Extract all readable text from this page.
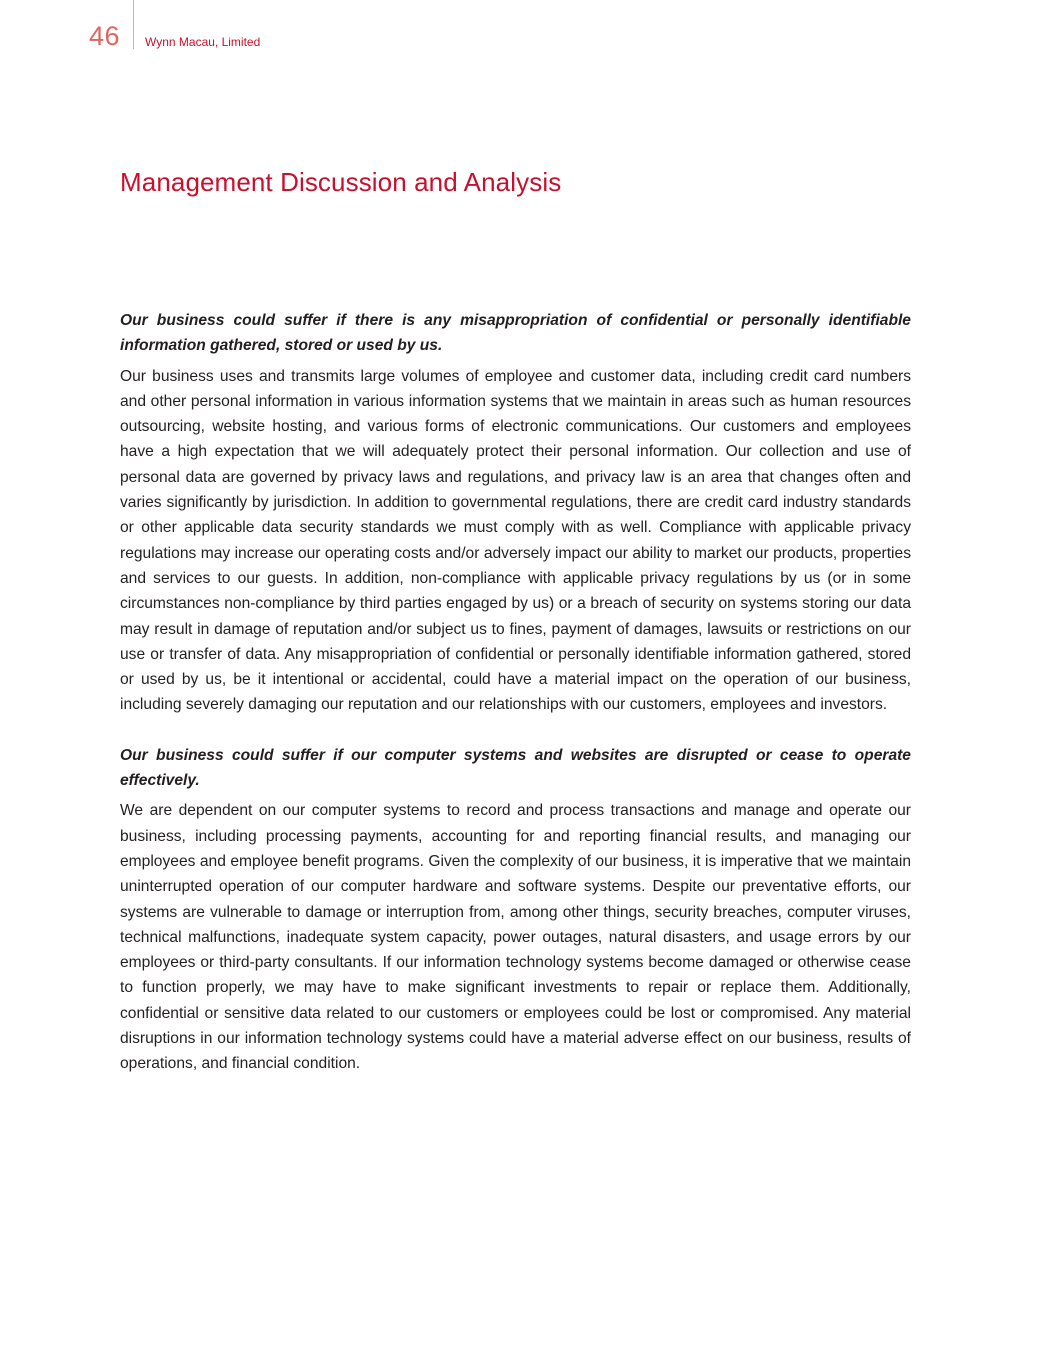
46 Wynn Macau, Limited
Management Discussion and Analysis

Our business could suffer if there is any misappropriation of confidential or personally identifiable information gathered, stored or used by us.

Our business uses and transmits large volumes of employee and customer data, including credit card numbers and other personal information in various information systems that we maintain in areas such as human resources outsourcing, website hosting, and various forms of electronic communications. Our customers and employees have a high expectation that we will adequately protect their personal information. Our collection and use of personal data are governed by privacy laws and regulations, and privacy law is an area that changes often and varies significantly by jurisdiction. In addition to governmental regulations, there are credit card industry standards or other applicable data security standards we must comply with as well. Compliance with applicable privacy regulations may increase our operating costs and/or adversely impact our ability to market our products, properties and services to our guests. In addition, non-compliance with applicable privacy regulations by us (or in some circumstances non-compliance by third parties engaged by us) or a breach of security on systems storing our data may result in damage of reputation and/or subject us to fines, payment of damages, lawsuits or restrictions on our use or transfer of data. Any misappropriation of confidential or personally identifiable information gathered, stored or used by us, be it intentional or accidental, could have a material impact on the operation of our business, including severely damaging our reputation and our relationships with our customers, employees and investors.

Our business could suffer if our computer systems and websites are disrupted or cease to operate effectively.

We are dependent on our computer systems to record and process transactions and manage and operate our business, including processing payments, accounting for and reporting financial results, and managing our employees and employee benefit programs. Given the complexity of our business, it is imperative that we maintain uninterrupted operation of our computer hardware and software systems. Despite our preventative efforts, our systems are vulnerable to damage or interruption from, among other things, security breaches, computer viruses, technical malfunctions, inadequate system capacity, power outages, natural disasters, and usage errors by our employees or third-party consultants. If our information technology systems become damaged or otherwise cease to function properly, we may have to make significant investments to repair or replace them. Additionally, confidential or sensitive data related to our customers or employees could be lost or compromised. Any material disruptions in our information technology systems could have a material adverse effect on our business, results of operations, and financial condition.
